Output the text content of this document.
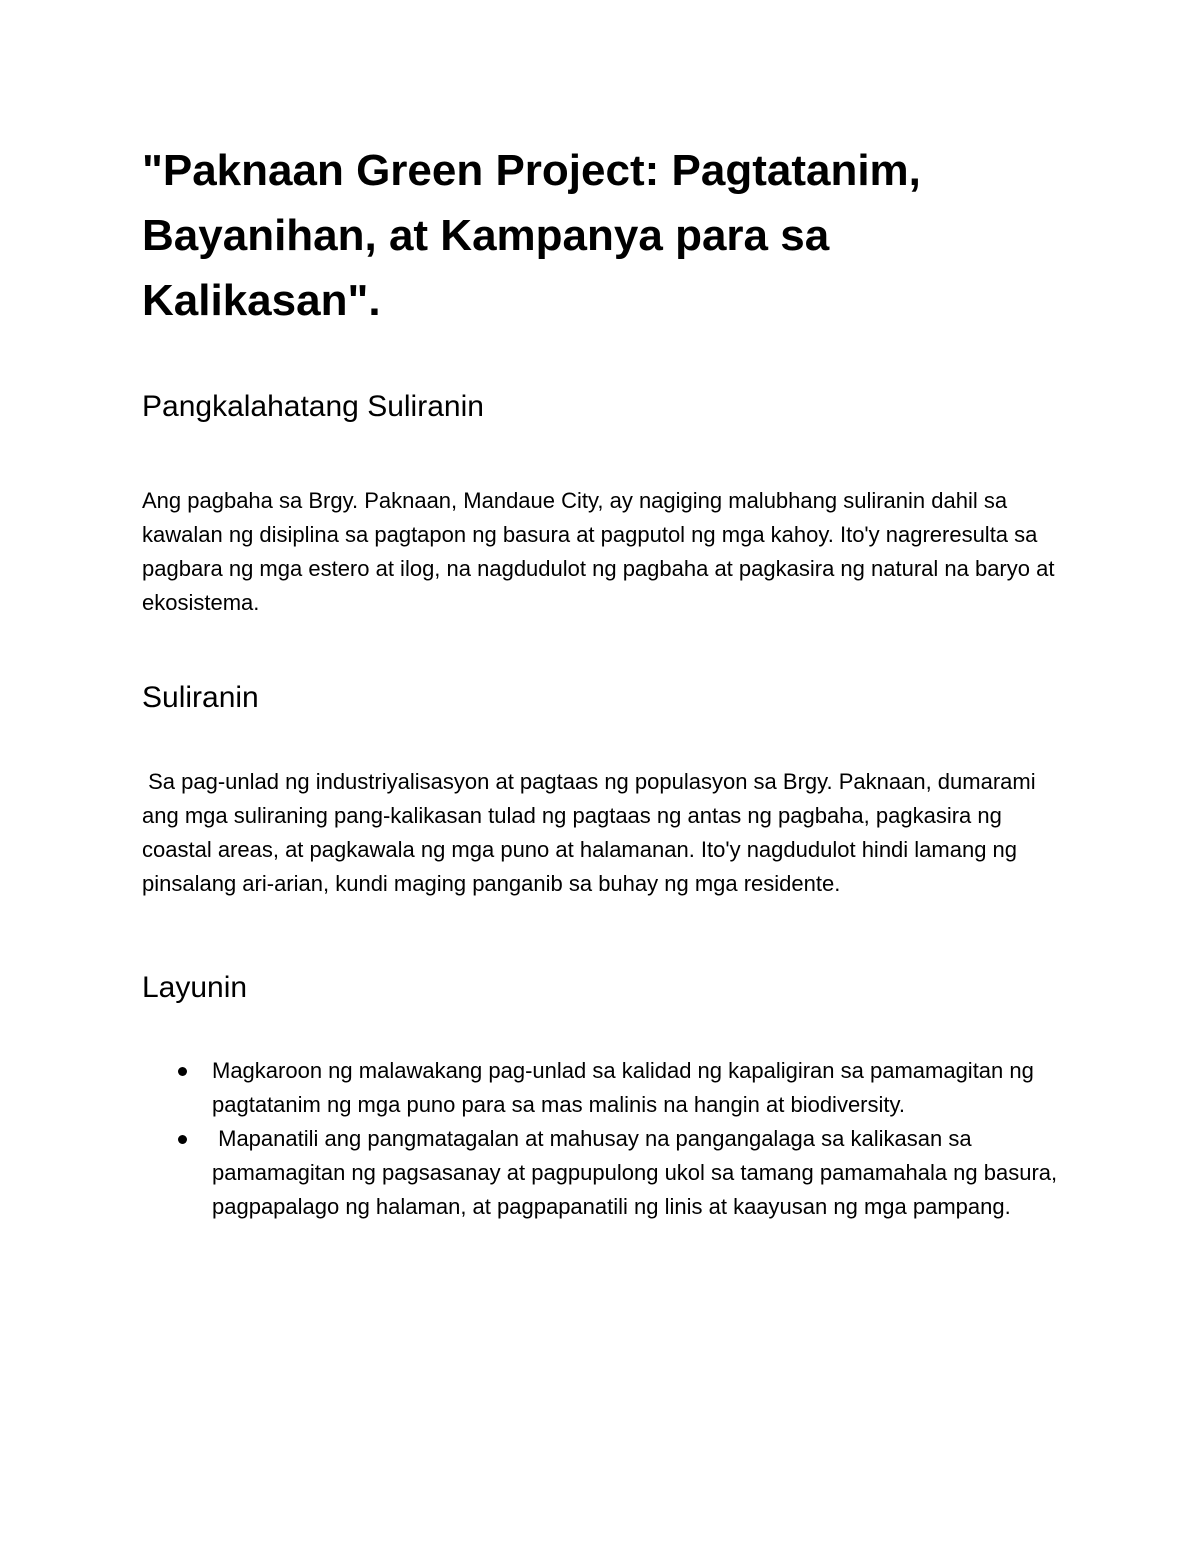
"Paknaan Green Project: Pagtatanim, Bayanihan, at Kampanya para sa Kalikasan".
Pangkalahatang Suliranin

Ang pagbaha sa Brgy. Paknaan, Mandaue City, ay nagiging malubhang suliranin dahil sa kawalan ng disiplina sa pagtapon ng basura at pagputol ng mga kahoy. Ito'y nagreresulta sa pagbara ng mga estero at ilog, na nagdudulot ng pagbaha at pagkasira ng natural na baryo at ekosistema.

Suliranin

Sa pag-unlad ng industriyalisasyon at pagtaas ng populasyon sa Brgy. Paknaan, dumarami ang mga suliraning pang-kalikasan tulad ng pagtaas ng antas ng pagbaha, pagkasira ng coastal areas, at pagkawala ng mga puno at halamanan. Ito'y nagdudulot hindi lamang ng pinsalang ari-arian, kundi maging panganib sa buhay ng mga residente.

Layunin
Magkaroon ng malawakang pag-unlad sa kalidad ng kapaligiran sa pamamagitan ng pagtatanim ng mga puno para sa mas malinis na hangin at biodiversity.
Mapanatili ang pangmatagalan at mahusay na pangangalaga sa kalikasan sa pamamagitan ng pagsasanay at pagpupulong ukol sa tamang pamamahala ng basura, pagpapalago ng halaman, at pagpapanatili ng linis at kaayusan ng mga pampang.
